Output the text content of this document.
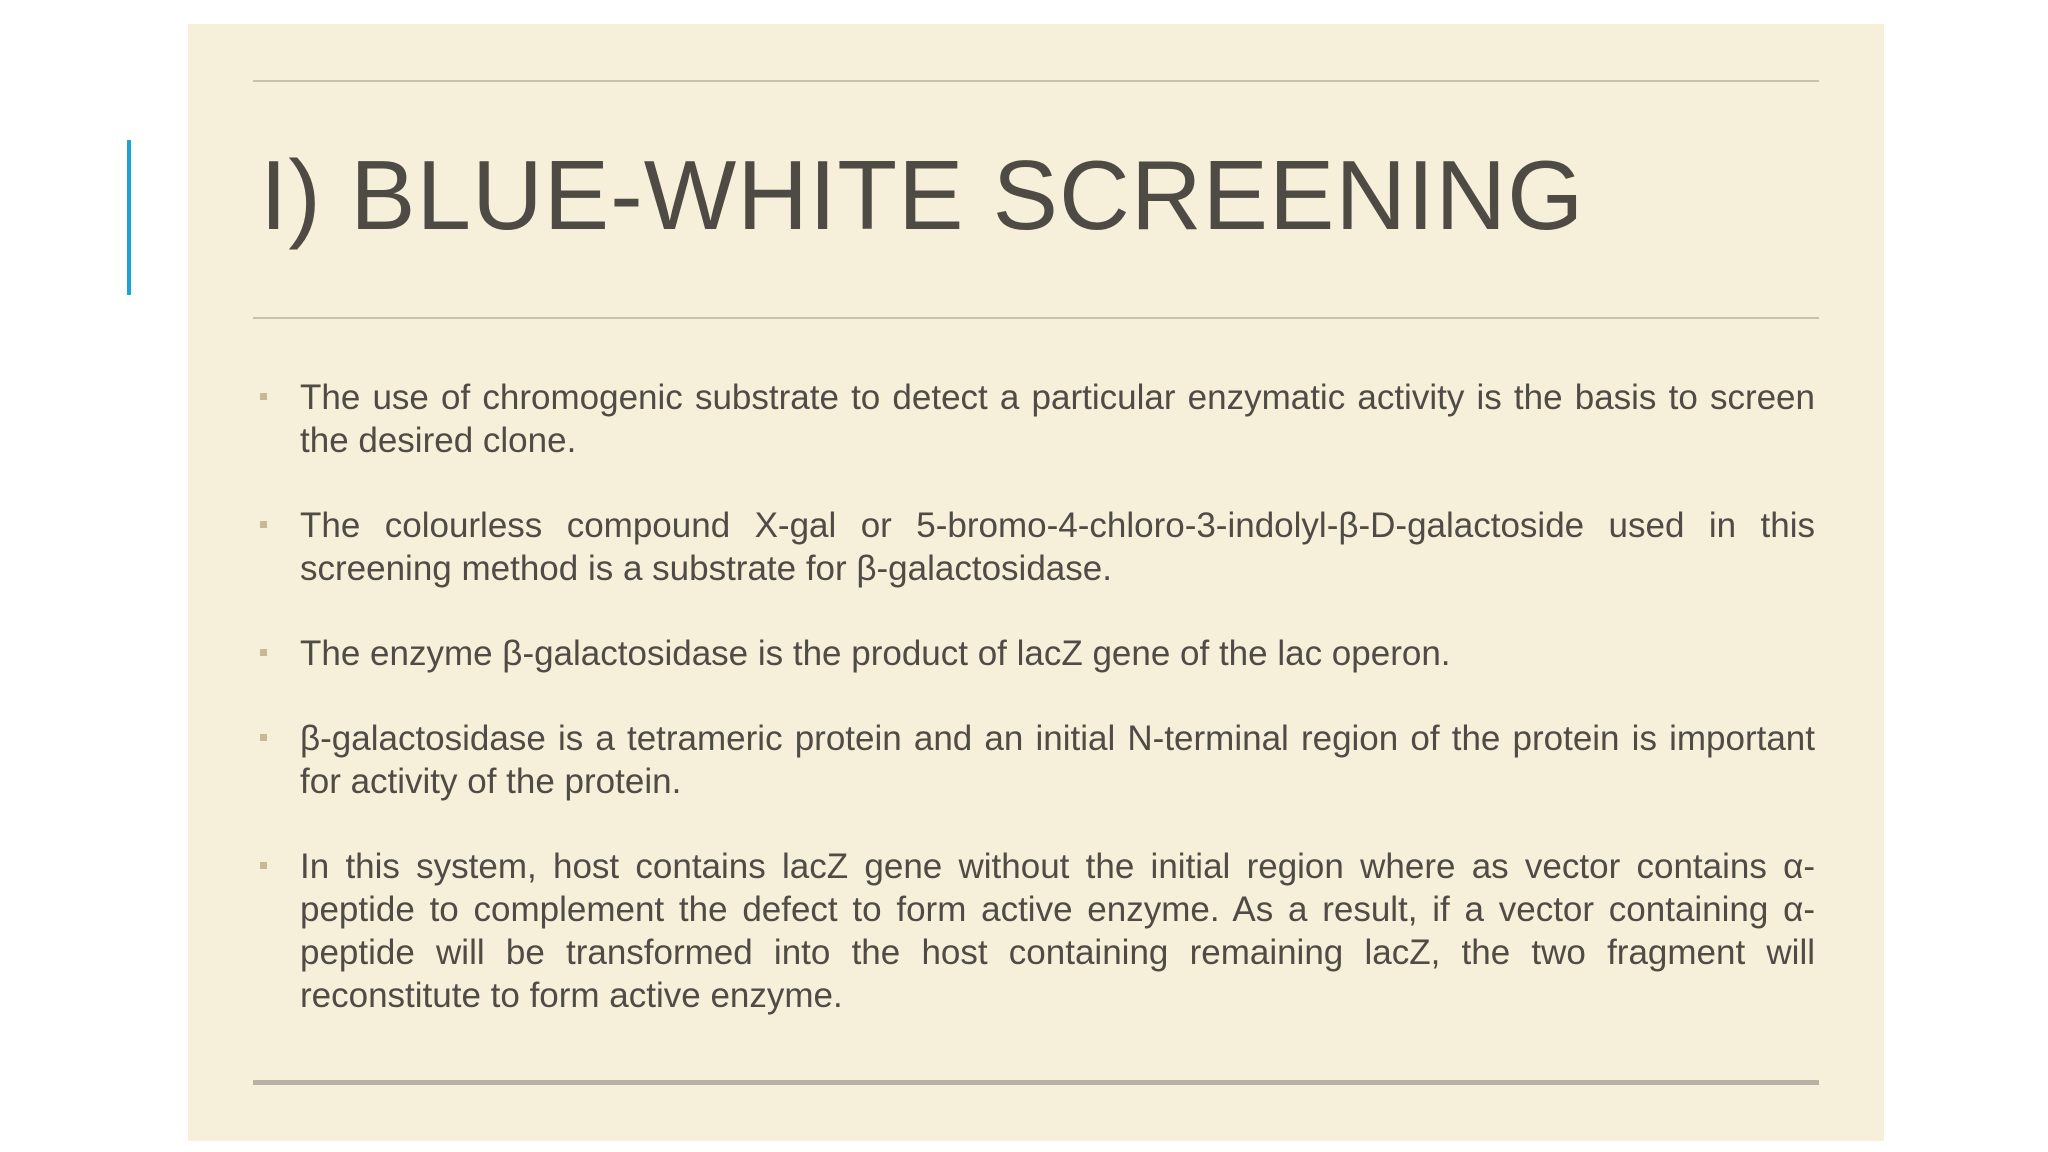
I) BLUE-WHITE SCREENING
The use of chromogenic substrate to detect a particular enzymatic activity is the basis to screen the desired clone.
The colourless compound X-gal or 5-bromo-4-chloro-3-indolyl-β-D-galactoside used in this screening method is a substrate for β-galactosidase.
The enzyme β-galactosidase is the product of lacZ gene of the lac operon.
β-galactosidase is a tetrameric protein and an initial N-terminal region of the protein is important for activity of the protein.
In this system, host contains lacZ gene without the initial region where as vector contains α-peptide to complement the defect to form active enzyme. As a result, if a vector containing α-peptide will be transformed into the host containing remaining lacZ, the two fragment will reconstitute to form active enzyme.
